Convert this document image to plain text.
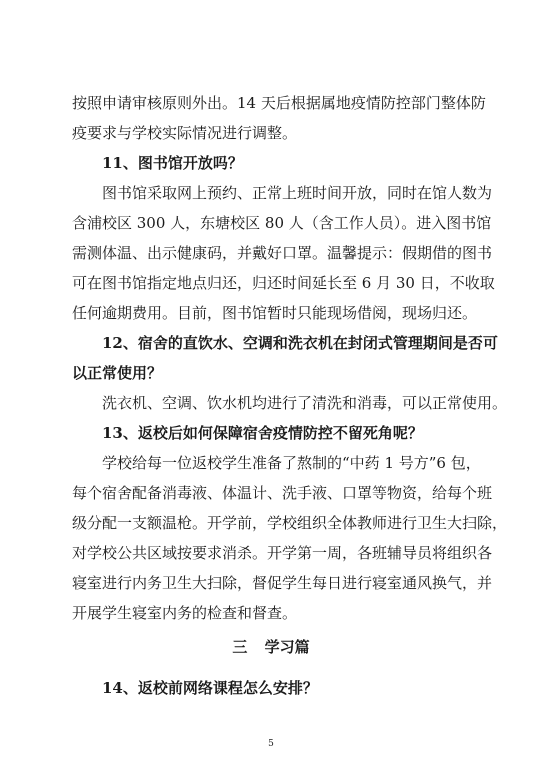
按照申请审核原则外出。14 天后根据属地疫情防控部门整体防
疫要求与学校实际情况进行调整。
11、图书馆开放吗？
图书馆采取网上预约、正常上班时间开放，同时在馆人数为
含浦校区 300 人，东塘校区 80 人（含工作人员）。进入图书馆
需测体温、出示健康码，并戴好口罩。温馨提示：假期借的图书
可在图书馆指定地点归还，归还时间延长至 6 月 30 日，不收取
任何逾期费用。目前，图书馆暂时只能现场借阅，现场归还。
12、宿舍的直饮水、空调和洗衣机在封闭式管理期间是否可
以正常使用？
洗衣机、空调、饮水机均进行了清洗和消毒，可以正常使用。
13、返校后如何保障宿舍疫情防控不留死角呢？
学校给每一位返校学生准备了熬制的“中药 1 号方”6 包，
每个宿舍配备消毒液、体温计、洗手液、口罩等物资，给每个班
级分配一支额温枪。开学前，学校组织全体教师进行卫生大扫除，
对学校公共区域按要求消杀。开学第一周，各班辅导员将组织各
寝室进行内务卫生大扫除，督促学生每日进行寝室通风换气，并
开展学生寝室内务的检查和督查。
三 学习篇
14、返校前网络课程怎么安排？
5
